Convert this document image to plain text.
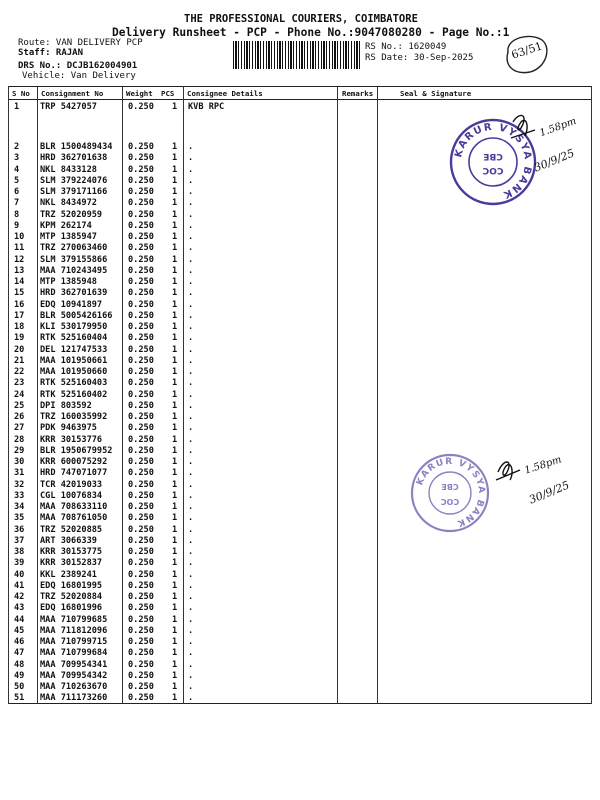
THE PROFESSIONAL COURIERS, COIMBATORE
Delivery Runsheet - PCP - Phone No.:9047080280 - Page No.:1
Route: VAN DELIVERY PCP
Staff: RAJAN
DRS No.: DCJB162004901
Vehicle: Van Delivery
RS No.: 1620049
RS Date: 30-Sep-2025	63/51
S No Consignment No	Weight PCS Consignee Details	Remarks	Seal & Signature
1 TRP 5427057	0.250 1 KVB RPC
2 BLR 1500489434 0.250 1 .
3 HRD 362701638 0.250 1 .
4 NKL 8433128	0.250 1 .
5 SLM 379224076 0.250 1 .
6 SLM 379171166 0.250 1 .
7 NKL 8434972	0.250 1 .
8 TRZ 52020959	0.250 1 .
9 KPM 262174	0.250 1 .
10 MTP 1385947	0.250 1 .
11 TRZ 270063460 0.250 1 .
12 SLM 379155866 0.250 1 .
13 MAA 710243495 0.250 1 .
14 MTP 1385948	0.250 1 .
15 HRD 362701639 0.250 1 .
16 EDQ 10941897	0.250 1 .
17 BLR 5005426166 0.250 1 .
18 KLI 530179950 0.250 1 .
19 RTK 525160404 0.250 1 .
20 DEL 121747533 0.250 1 .
21 MAA 101950661 0.250 1 .
22 MAA 101950660 0.250 1 .
23 RTK 525160403 0.250 1 .
24 RTK 525160402 0.250 1 .
25 DPI 803592	0.250 1 .
26 TRZ 160035992 0.250 1 .
27 PDK 9463975	0.250 1 .
28 KRR 30153776	0.250 1 .
29 BLR 1950679952 0.250 1 .
30 KRR 600075292 0.250 1 .
31 HRD 747071077 0.250 1 .
32 TCR 42019033	0.250 1 .
33 CGL 10076834	0.250 1 .
34 MAA 708633110 0.250 1 .
35 MAA 708761050 0.250 1 .
36 TRZ 52020885	0.250 1 .
37 ART 3066339	0.250 1 .
38 KRR 30153775	0.250 1 .
39 KRR 30152837	0.250 1 .
40 KKL 2389241	0.250 1 .
41 EDQ 16801995	0.250 1 .
42 TRZ 52020884	0.250 1 .
43 EDQ 16801996	0.250 1 .
44 MAA 710799685 0.250 1 .
45 MAA 711812096 0.250 1 .
46 MAA 710799715 0.250 1 .
47 MAA 710799684 0.250 1 .
48 MAA 709954341 0.250 1 .
49 MAA 709954342 0.250 1 .
50 MAA 710263670 0.250 1 .
51 MAA 711173260 0.250 1 .
KARUR VYSYA BANK
CBE
COC
KARUR VYSYA BANK
CBE
COC
1.58pm
30/9/25
1.58pm
30/9/25
